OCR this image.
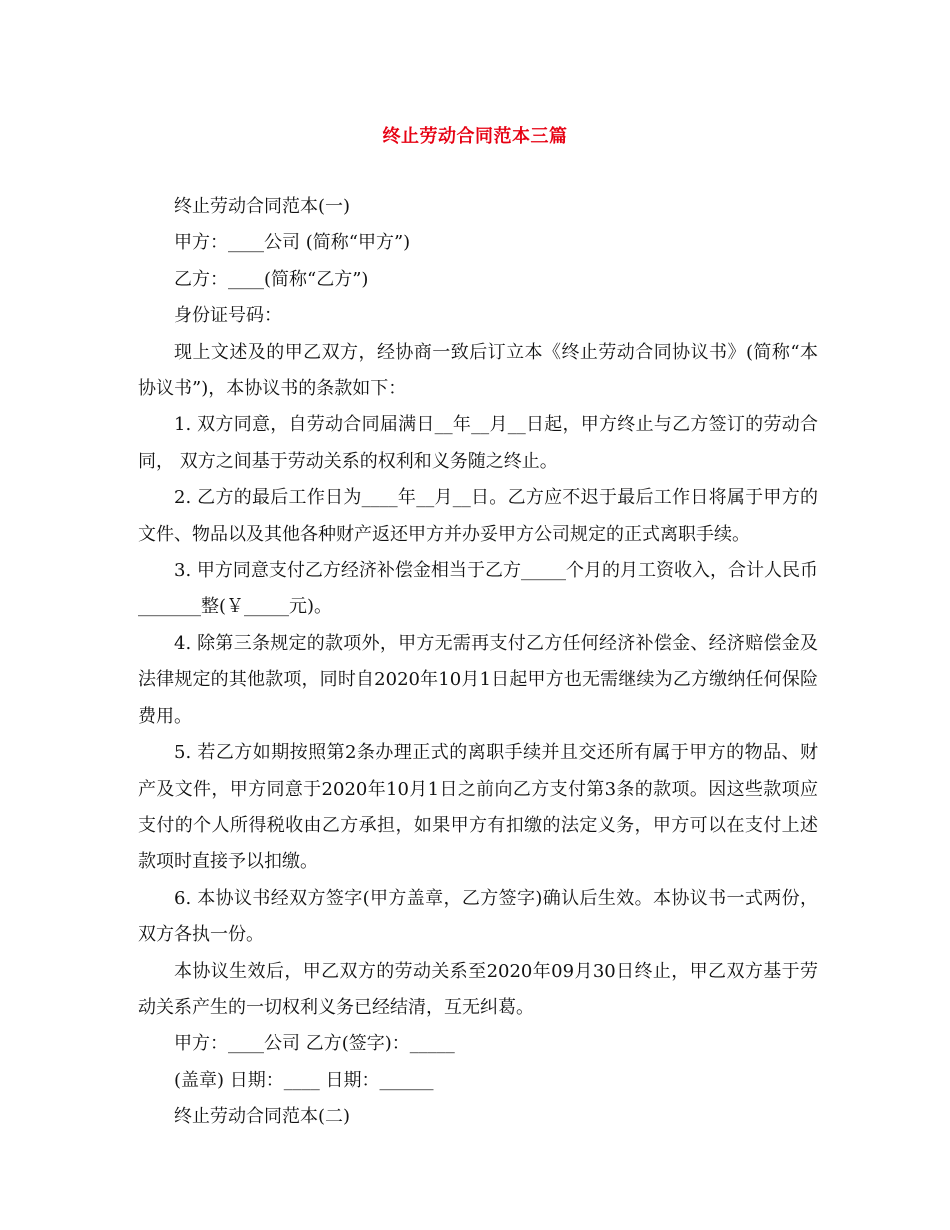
终止劳动合同范本三篇

终止劳动合同范本(一)

甲方：____公司 (简称“甲方”)

乙方：____(简称“乙方”)

身份证号码：

现上文述及的甲乙双方，经协商一致后订立本《终止劳动合同协议书》(简称“本协议书”)，本协议书的条款如下：

1. 双方同意，自劳动合同届满日__年__月__日起，甲方终止与乙方签订的劳动合同， 双方之间基于劳动关系的权利和义务随之终止。

2. 乙方的最后工作日为____年__月__日。乙方应不迟于最后工作日将属于甲方的文件、物品以及其他各种财产返还甲方并办妥甲方公司规定的正式离职手续。

3. 甲方同意支付乙方经济补偿金相当于乙方_____个月的月工资收入，合计人民币_______整(￥_____元)。

4. 除第三条规定的款项外，甲方无需再支付乙方任何经济补偿金、经济赔偿金及法律规定的其他款项，同时自2020年10月1日起甲方也无需继续为乙方缴纳任何保险费用。

5. 若乙方如期按照第2条办理正式的离职手续并且交还所有属于甲方的物品、财产及文件，甲方同意于2020年10月1日之前向乙方支付第3条的款项。因这些款项应支付的个人所得税收由乙方承担，如果甲方有扣缴的法定义务，甲方可以在支付上述款项时直接予以扣缴。

6. 本协议书经双方签字(甲方盖章，乙方签字)确认后生效。本协议书一式两份，双方各执一份。

本协议生效后，甲乙双方的劳动关系至2020年09月30日终止，甲乙双方基于劳动关系产生的一切权利义务已经结清，互无纠葛。

甲方：____公司 乙方(签字)：_____

(盖章) 日期：____ 日期：______

终止劳动合同范本(二)
